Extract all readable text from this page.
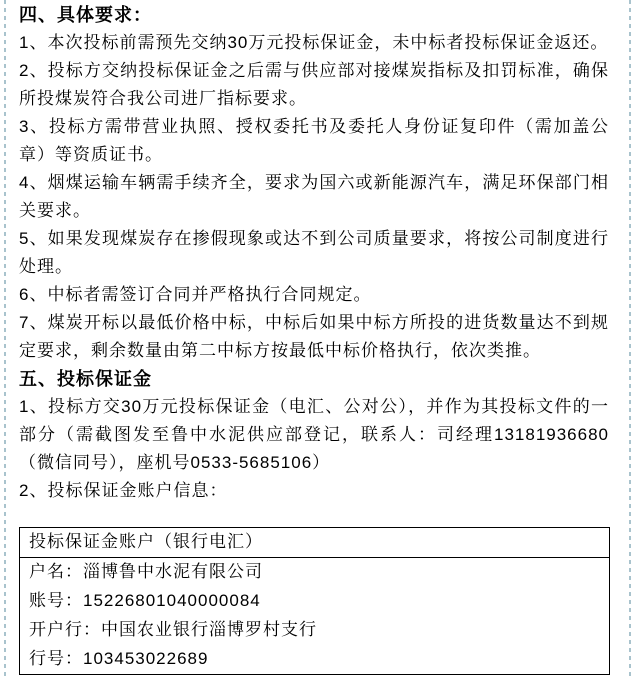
四、具体要求：

1、本次投标前需预先交纳30万元投标保证金，未中标者投标保证金返还。

2、投标方交纳投标保证金之后需与供应部对接煤炭指标及扣罚标准，确保所投煤炭符合我公司进厂指标要求。

3、投标方需带营业执照、授权委托书及委托人身份证复印件（需加盖公章）等资质证书。

4、烟煤运输车辆需手续齐全，要求为国六或新能源汽车，满足环保部门相关要求。

5、如果发现煤炭存在掺假现象或达不到公司质量要求，将按公司制度进行处理。

6、中标者需签订合同并严格执行合同规定。

7、煤炭开标以最低价格中标，中标后如果中标方所投的进货数量达不到规定要求，剩余数量由第二中标方按最低中标价格执行，依次类推。

五、投标保证金

1、投标方交30万元投标保证金（电汇、公对公），并作为其投标文件的一部分（需截图发至鲁中水泥供应部登记，联系人：司经理13181936680（微信同号），座机号0533-5685106）

2、投标保证金账户信息：

投标保证金账户（银行电汇）
户名：淄博鲁中水泥有限公司
账号：15226801040000084
开户行：中国农业银行淄博罗村支行
行号：103453022689
